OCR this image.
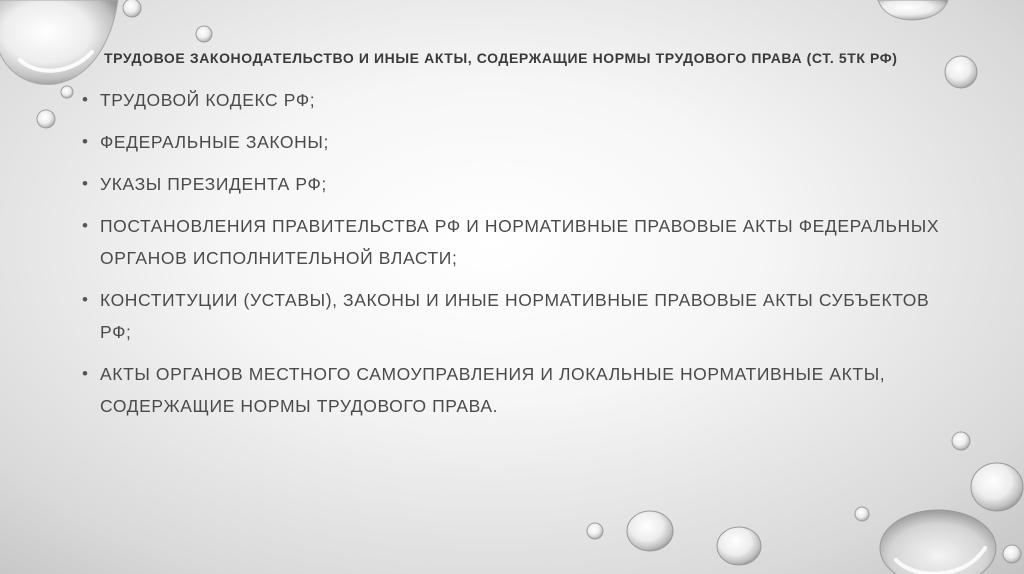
ТРУДОВОЕ ЗАКОНОДАТЕЛЬСТВО И ИНЫЕ АКТЫ, СОДЕРЖАЩИЕ НОРМЫ ТРУДОВОГО ПРАВА (СТ. 5ТК РФ)
• ТРУДОВОЙ КОДЕКС РФ;
• ФЕДЕРАЛЬНЫЕ ЗАКОНЫ;
• УКАЗЫ ПРЕЗИДЕНТА РФ;
• ПОСТАНОВЛЕНИЯ ПРАВИТЕЛЬСТВА РФ И НОРМАТИВНЫЕ ПРАВОВЫЕ АКТЫ ФЕДЕРАЛЬНЫХ ОРГАНОВ ИСПОЛНИТЕЛЬНОЙ ВЛАСТИ;
• КОНСТИТУЦИИ (УСТАВЫ), ЗАКОНЫ И ИНЫЕ НОРМАТИВНЫЕ ПРАВОВЫЕ АКТЫ СУБЪЕКТОВ РФ;
• АКТЫ ОРГАНОВ МЕСТНОГО САМОУПРАВЛЕНИЯ И ЛОКАЛЬНЫЕ НОРМАТИВНЫЕ АКТЫ, СОДЕРЖАЩИЕ НОРМЫ ТРУДОВОГО ПРАВА.
